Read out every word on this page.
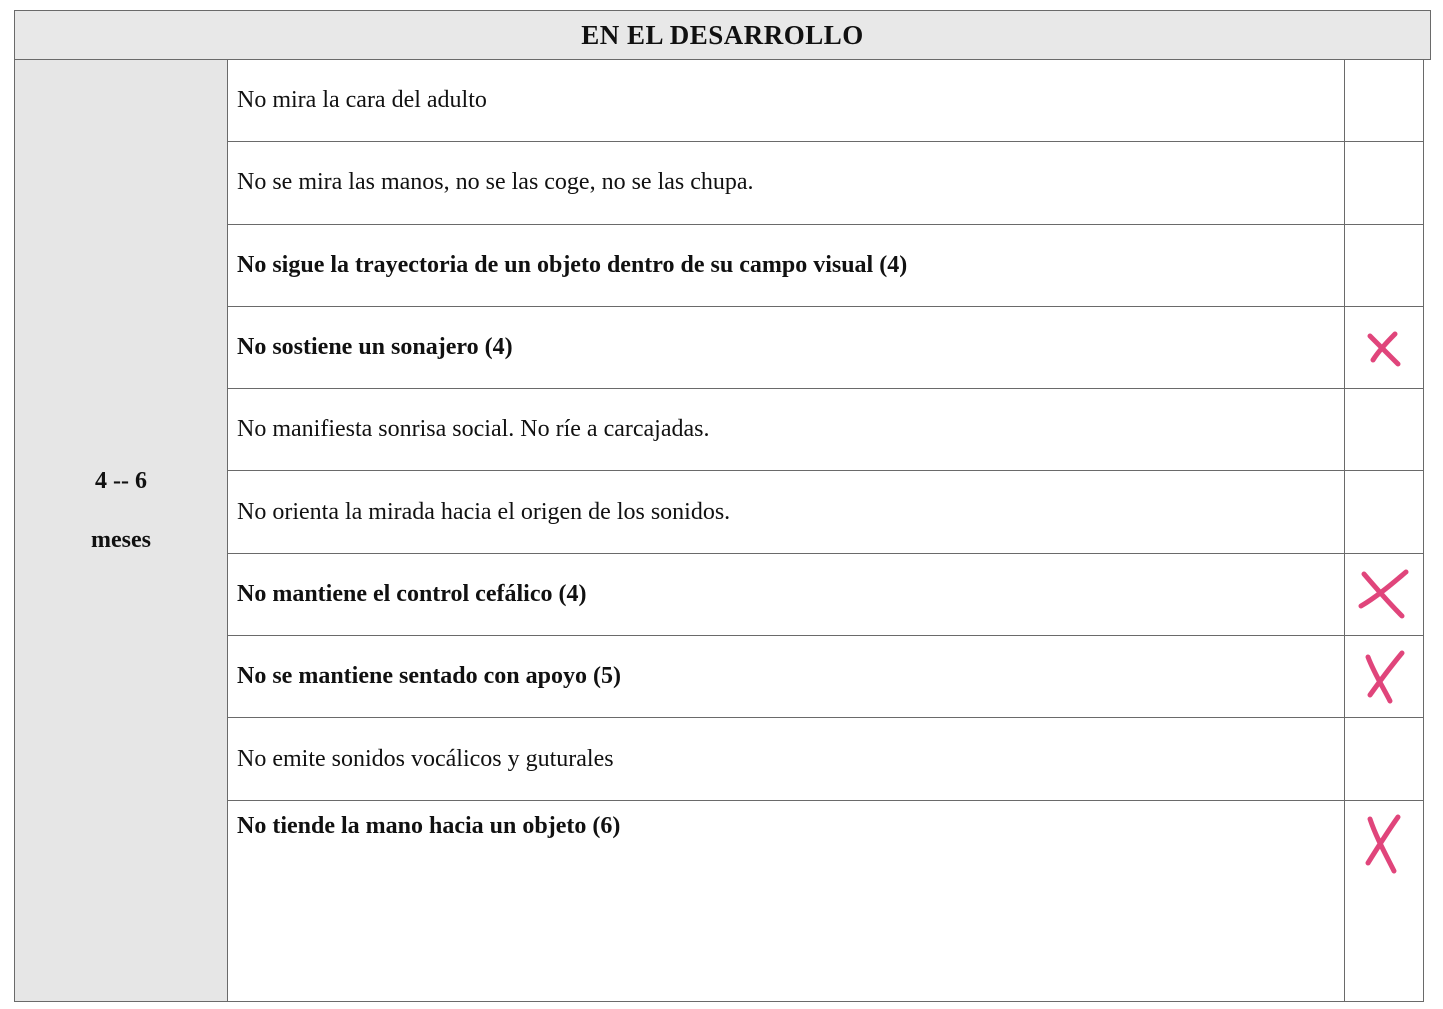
EN EL DESARROLLO
4 -- 6
meses
No mira la cara del adulto
No se mira las manos, no se las coge, no se las chupa.
No sigue la trayectoria de un objeto dentro de su campo visual (4)
No sostiene un sonajero (4)
No manifiesta sonrisa social. No ríe a carcajadas.
No orienta la mirada hacia el origen de los sonidos.
No mantiene el control cefálico (4)
No se mantiene sentado con apoyo (5)
No emite sonidos vocálicos y guturales
No tiende la mano hacia un objeto (6)
